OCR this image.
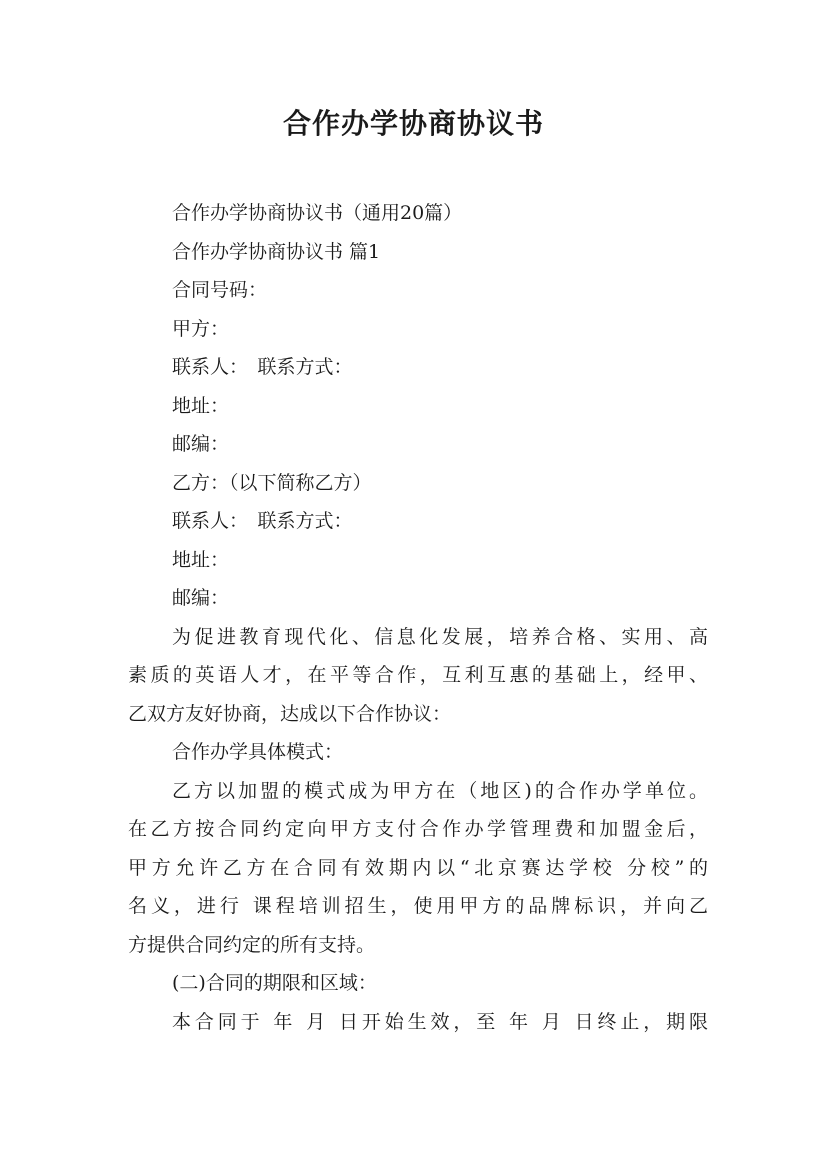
合作办学协商协议书

合作办学协商协议书（通用20篇）

合作办学协商协议书 篇1

合同号码：

甲方：

联系人：　联系方式：

地址：

邮编：

乙方：（以下简称乙方）

联系人：　联系方式：

地址：

邮编：

为促进教育现代化、信息化发展，培养合格、实用、高

素质的英语人才，在平等合作，互利互惠的基础上，经甲、

乙双方友好协商，达成以下合作协议：

合作办学具体模式：

乙方以加盟的模式成为甲方在（地区)的合作办学单位。

在乙方按合同约定向甲方支付合作办学管理费和加盟金后，

甲方允许乙方在合同有效期内以“北京赛达学校 分校”的

名义，进行 课程培训招生，使用甲方的品牌标识，并向乙

方提供合同约定的所有支持。

(二)合同的期限和区域：

本合同于 年 月 日开始生效，至 年 月 日终止，期限
